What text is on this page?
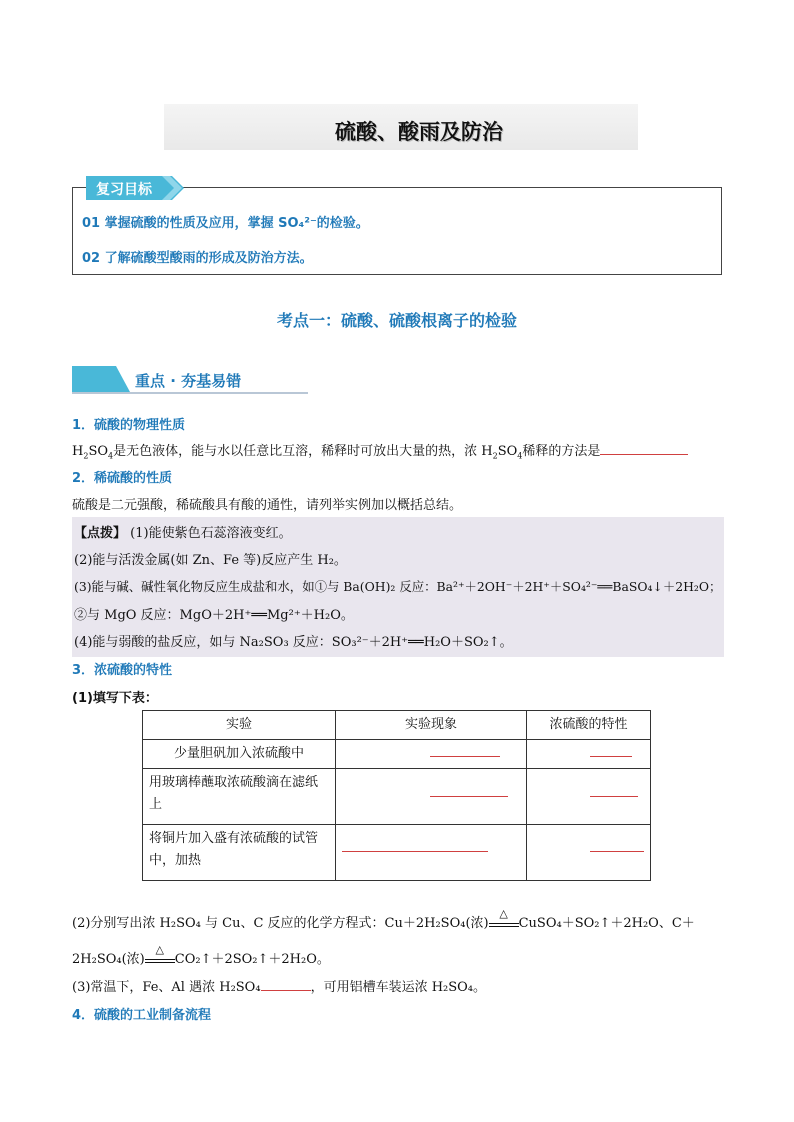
硫酸、酸雨及防治
复习目标
01 掌握硫酸的性质及应用，掌握 SO₄²⁻的检验。
02 了解硫酸型酸雨的形成及防治方法。
考点一：硫酸、硫酸根离子的检验
重点 · 夯基易错
1．硫酸的物理性质
$H_2SO_4$是无色液体，能与水以任意比互溶，稀释时可放出大量的热，浓 $H_2SO_4$稀释的方法是
2．稀硫酸的性质
硫酸是二元强酸，稀硫酸具有酸的通性，请列举实例加以概括总结。
【点拨】 (1)能使紫色石蕊溶液变红。
(2)能与活泼金属(如 Zn、Fe 等)反应产生 H₂。
(3)能与碱、碱性氧化物反应生成盐和水，如①与 Ba(OH)₂ 反应：Ba²⁺＋2OH⁻＋2H⁺＋SO₄²⁻══BaSO₄↓＋2H₂O；
②与 MgO 反应：MgO＋2H⁺══Mg²⁺＋H₂O。
(4)能与弱酸的盐反应，如与 Na₂SO₃ 反应：SO₃²⁻＋2H⁺══H₂O＋SO₂↑。
3．浓硫酸的特性
(1)填写下表：
实验	实验现象	浓硫酸的特性
少量胆矾加入浓硫酸中		
用玻璃棒蘸取浓硫酸滴在滤纸上		
将铜片加入盛有浓硫酸的试管中，加热		
(2)分别写出浓 H₂SO₄ 与 Cu、C 反应的化学方程式：Cu＋2H₂SO₄(浓)
△
CuSO₄＋SO₂↑＋2H₂O、C＋
2H₂SO₄(浓)
△
CO₂↑＋2SO₂↑＋2H₂O。
(3)常温下，Fe、Al 遇浓 H₂SO₄	，可用铝槽车装运浓 H₂SO₄。
4．硫酸的工业制备流程
